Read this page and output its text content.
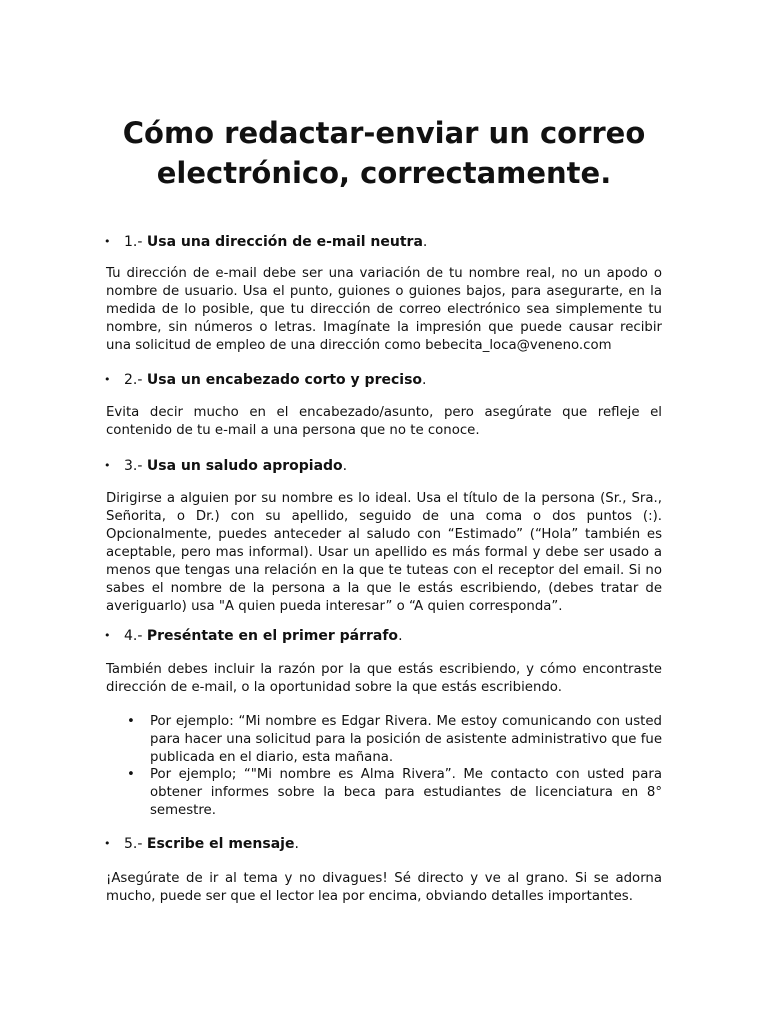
Cómo redactar-enviar un correo electrónico, correctamente.
• 1.- Usa una dirección de e-mail neutra.

Tu dirección de e-mail debe ser una variación de tu nombre real, no un apodo o nombre de usuario. Usa el punto, guiones o guiones bajos, para asegurarte, en la medida de lo posible, que tu dirección de correo electrónico sea simplemente tu nombre, sin números o letras. Imagínate la impresión que puede causar recibir una solicitud de empleo de una dirección como bebecita_loca@veneno.com

• 2.- Usa un encabezado corto y preciso.

Evita decir mucho en el encabezado/asunto, pero asegúrate que refleje el contenido de tu e-mail a una persona que no te conoce.

• 3.- Usa un saludo apropiado.

Dirigirse a alguien por su nombre es lo ideal. Usa el título de la persona (Sr., Sra., Señorita, o Dr.) con su apellido, seguido de una coma o dos puntos (:). Opcionalmente, puedes anteceder al saludo con “Estimado” (“Hola” también es aceptable, pero mas informal). Usar un apellido es más formal y debe ser usado a menos que tengas una relación en la que te tuteas con el receptor del email. Si no sabes el nombre de la persona a la que le estás escribiendo, (debes tratar de averiguarlo) usa "A quien pueda interesar” o “A quien corresponda”.

• 4.- Preséntate en el primer párrafo.

También debes incluir la razón por la que estás escribiendo, y cómo encontraste dirección de e-mail, o la oportunidad sobre la que estás escribiendo.

• Por ejemplo: “Mi nombre es Edgar Rivera. Me estoy comunicando con usted para hacer una solicitud para la posición de asistente administrativo que fue publicada en el diario, esta mañana.
• Por ejemplo; “"Mi nombre es Alma Rivera”. Me contacto con usted para obtener informes sobre la beca para estudiantes de licenciatura en 8° semestre.
• 5.- Escribe el mensaje.

¡Asegúrate de ir al tema y no divagues! Sé directo y ve al grano. Si se adorna mucho, puede ser que el lector lea por encima, obviando detalles importantes.
